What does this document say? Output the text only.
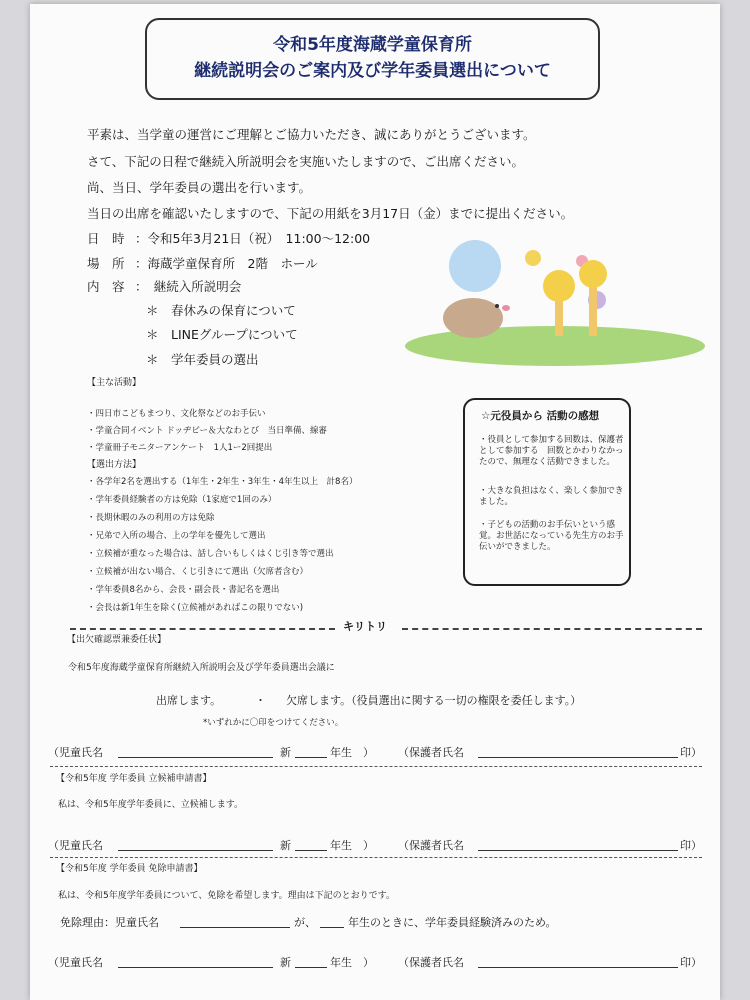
令和5年度海蔵学童保育所
継続説明会のご案内及び学年委員選出について
平素は、当学童の運営にご理解とご協力いただき、誠にありがとうございます。
さて、下記の日程で継続入所説明会を実施いたしますので、ご出席ください。
尚、当日、学年委員の選出を行います。
当日の出席を確認いたしますので、下記の用紙を3月17日（金）までに提出ください。
日　時 ：令和5年3月21日（祝）　11:00～12:00
場　所 ：海蔵学童保育所　2階　ホール
内　容 ：　継続入所説明会
＊　春休みの保育について
＊　LINEグループについて
＊　学年委員の選出
【主な活動】
・四日市こどもまつり、文化祭などのお手伝い
・学童合同イベント ドッヂビー＆大なわとび　当日準備、線審
・学童冊子モニターアンケート　1人1ー2回提出
【選出方法】
・各学年2名を選出する（1年生・2年生・3年生・4年生以上　計8名）
・学年委員経験者の方は免除（1家庭で1回のみ）
・長期休暇のみの利用の方は免除
・兄弟で入所の場合、上の学年を優先して選出
・立候補が重なった場合は、話し合いもしくはくじ引き等で選出
・立候補が出ない場合、くじ引きにて選出（欠席者含む）
・学年委員8名から、会長・副会長・書記名を選出
・会長は新1年生を除く(立候補があればこの限りでない)
☆元役員から 活動の感想
・役員として参加する回数は、保護者として参加する　回数とかわりなかったので、無理なく活動できました。
・大きな負担はなく、楽しく参加できました。
・子どもの活動のお手伝いという感覚。お世話になっている先生方のお手伝いができました。
キリトリ
【出欠確認票兼委任状】
令和5年度海蔵学童保育所継続入所説明会及び学年委員選出会議に
出席します。	・ 欠席します。（役員選出に関する一切の権限を委任します。）
*いずれかに〇印をつけてください。
（児童氏名	新	年生　） （保護者氏名	印）
【令和5年度 学年委員 立候補申請書】
私は、令和5年度学年委員に、立候補します。
（児童氏名	新	年生　） （保護者氏名	印）
【令和5年度 学年委員 免除申請書】
私は、令和5年度学年委員について、免除を希望します。理由は下記のとおりです。
免除理由：児童氏名	が、	年生のときに、学年委員経験済みのため。
（児童氏名	新	年生　） （保護者氏名	印）
